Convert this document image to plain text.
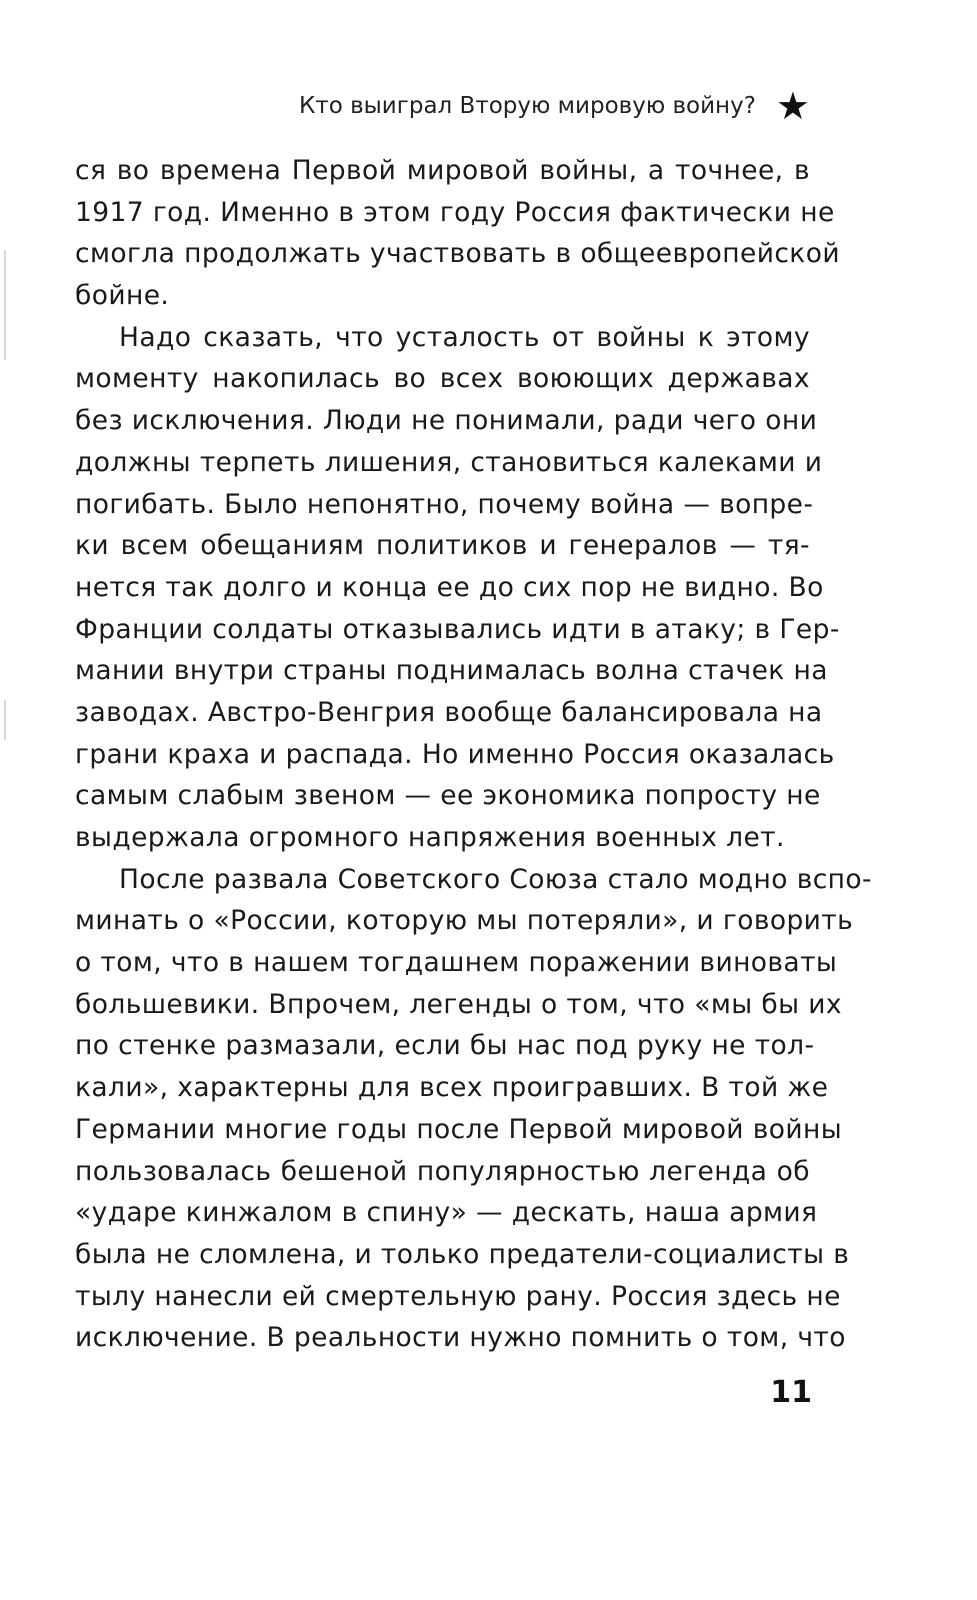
Кто выиграл Вторую мировую войну? ★
ся во времена Первой мировой войны, а точнее, в
1917 год. Именно в этом году Россия фактически не
смогла продолжать участвовать в общеевропейской
бойне.
Надо сказать, что усталость от войны к этому
моменту накопилась во всех воюющих державах
без исключения. Люди не понимали, ради чего они
должны терпеть лишения, становиться калеками и
погибать. Было непонятно, почему война — вопре-
ки всем обещаниям политиков и генералов — тя-
нется так долго и конца ее до сих пор не видно. Во
Франции солдаты отказывались идти в атаку; в Гер-
мании внутри страны поднималась волна стачек на
заводах. Австро-Венгрия вообще балансировала на
грани краха и распада. Но именно Россия оказалась
самым слабым звеном — ее экономика попросту не
выдержала огромного напряжения военных лет.
После развала Советского Союза стало модно вспо-
минать о «России, которую мы потеряли», и говорить
о том, что в нашем тогдашнем поражении виноваты
большевики. Впрочем, легенды о том, что «мы бы их
по стенке размазали, если бы нас под руку не тол-
кали», характерны для всех проигравших. В той же
Германии многие годы после Первой мировой войны
пользовалась бешеной популярностью легенда об
«ударе кинжалом в спину» — дескать, наша армия
была не сломлена, и только предатели-социалисты в
тылу нанесли ей смертельную рану. Россия здесь не
исключение. В реальности нужно помнить о том, что
11
